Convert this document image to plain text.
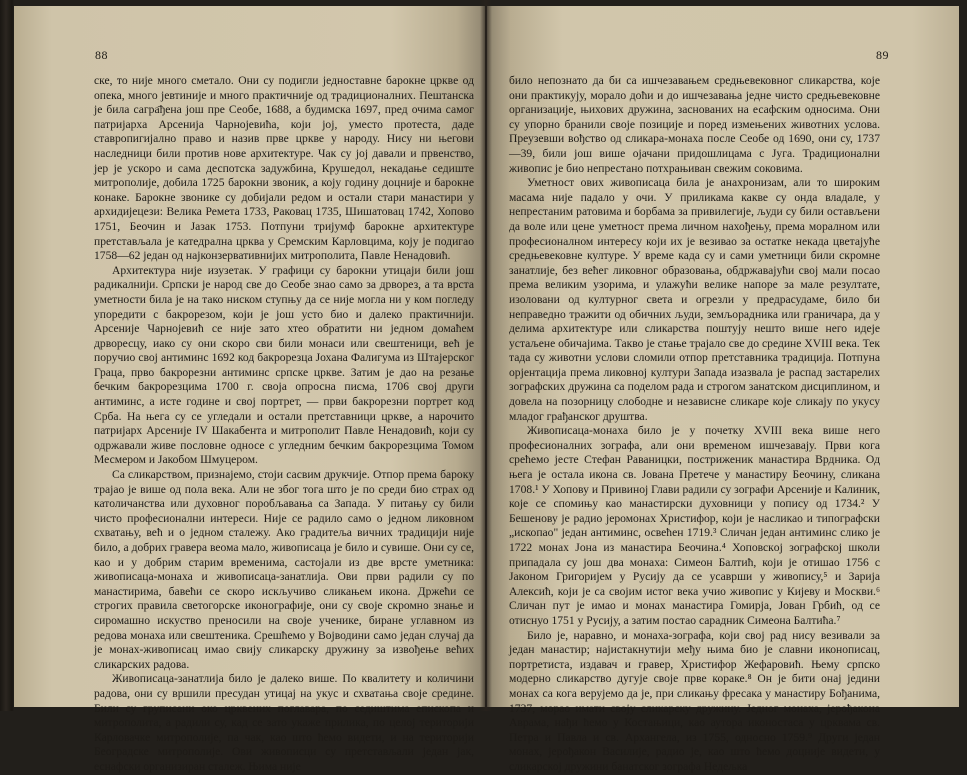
88

ске, то није много сметало. Они су подигли једноставне барокне цркве од опека, много јевтиније и много практичније од традиционалних. Пештанска је била сагра̄ђена још пре Сеобе, 1688, а будимска 1697, пред очима самог патријарха Арсенија Чарнојевића, који јој, уместо протеста, даде ставропигијално право и назив прве цркве у народу. Нису ни његови наследници били против нове архитектуре. Чак су јој давали и првенство, јер је ускоро и сама деспотска задужбина, Крушедол, некадање седиште митрополије, добила 1725 барокни звоник, а коју годину доцније и барокне конаке. Барокне звонике су добијали редом и остали стари манастири у архидијецези: Велика Ремета 1733, Раковац 1735, Шишатовац 1742, Хопово 1751, Беочин и Јазак 1753. Потпуни тријумф барокне архитектуре претстављала је катедрална црква у Сремским Карловцима, коју је подигао 1758—62 један од најконзервативнијих митрополита, Павле Ненадовић.

Архитектура није изузетак. У графици су барокни утицаји били још радикалнији. Српски је народ све до Сеобе знао само за дрворез, а та врста уметности била је на тако ниском ступњу да се није могла ни у ком погледу упоредити с бакрорезом, који је још усто био и далеко практичнији. Арсеније Чарнојевић се није зато хтео обратити ни једном домаћем дрворесцу, иако су они скоро сви били монаси или свештеници, већ је поручио свој антиминс 1692 код бакрорезца Јохана Фалигума из Штајерског Граца, прво бакрорезни антиминс српске цркве. Затим је дао на резање бечким бакрорезцима 1700 г. своја опросна писма, 1706 свој други антиминс, а исте године и свој портрет, — први бакрорезни портрет код Срба. На њега су се угледали и остали претставници цркве, а нарочито патријарх Арсеније IV Шакабента и митрополит Павле Ненадовић, који су одржавали живе пословне односе с угледним бечким бакрорезцима Томом Месмером и Јакобом Шмуцером.

Са сликарством, признајемо, стоји сасвим друкчије. Отпор према бароку трајао је више од пола века. Али не због тога што је по среди био страх од католичанства или духовног поробљавања са Запада. У питању су били чисто професионални интереси. Није се радило само о једном ликовном схватању, већ и о једном сталежу. Ако градитеља вичних традицији није било, а добрих гравера веома мало, живописаца је било и сувише. Они су се, као и у добрим старим временима, састојали из две врсте уметника: живописаца-монаха и живописаца-занатлија. Ови први радили су по манастирима, бавећи се скоро искључиво сликањем икона. Држећи се строгих правила светогорске иконографије, они су своје скромно знање и сиромашно искуство преносили на своје ученике, биране углавном из редова монаха или свештеника. Срешћемо у Војводини само један случај да је монах-живописац имао свију сликарску дружину за извођење већих сликарских радова.

Живописаца-занатлија било је далеко више. По квалитету и количини радова, они су вршили пресудан утицај на укус и схватања своје средине. Били су груписани око црквених поглавара, по седиштима епископа и митрополита, а радили су, кад се зато укаже прилика, по целој територији Карловачке митрополије, па чак, као што ћемо видети, и на територији Београдске митрополије. Ови живописци су претстављали један јак, еснафски организиран сталеж. Њима није

89

било непознато да би са ишчезавањем средњевековног сликарства, које они практикују, морало доћи и до ишчезавања једне чисто средњевековне организације, њихових дружина, заснованих на есафским односима. Они су упорно бранили своје позиције и поред измењених животних услова. Преузевши вођство од сликара-монаха после Сеобе од 1690, они су, 1737—39, били још више ојачани придошлицама с Југа. Традиционални живопис је био непрестано потхрањиван свежим соковима.

Уметност ових живописаца била је анахронизам, али то широким масама није падало у очи. У приликама какве су онда владале, у непрестаним ратовима и борбама за привилегије, људи су били остављени да воле или цене уметност према личном нахођењу, према моралном или професионалном интересу који их је везивао за остатке некада цветајуће средњевековне културе. У време када су и сами уметници били скромне занатлије, без већег ликовног образовања, обдржавајући свој мали посао према великим узорима, и улажући велике напоре за мале резултате, изоловани од културног света и огрезли у предрасудаме, било би неправедно тражити од обичних људи, земљорадника или граничара, да у делима архитектуре или сликарства поштују нешто више него идеје устаљене обичајима. Такво је стање трајало све до средине XVIII века. Тек тада су животни услови сломили отпор претставника традиција. Потпуна орјентација према ликовној култури Запада изазвала је распад застарелих зографских дружина са поделом рада и строгом занатском дисциплином, и довела на позорницу слободне и независне сликаре које сликају по укусу младог грађанског друштва.

Живописаца-монаха било је у почетку XVIII века више него професионалних зографа, али они временом ишчезавају. Први кога срећемо јесте Стефан Раваницки, постриженик манастира Врдника. Од њега је остала икона св. Јована Претече у манастиру Беочину, сликана 1708.¹ У Хопову и Привиној Глави радили су зографи Арсеније и Калиник, које се спомињу као манастирски духовници у попису од 1734.² У Бешенову је радио јеромонах Христифор, који је насликао и типографски „ископао" један антиминс, освећен 1719.³ Сличан један антиминс слико је 1722 монах Јона из манастира Беочина.⁴ Хоповскoј зографској школи припадала су још два монаха: Симеон Балтић, који је отишао 1756 с Јаконом Григоријем у Русију да се усаврши у живопису,⁵ и Зарија Алексић, који је са својим истог века учио живопис у Кијеву и Москви.⁶ Сличан пут је имао и монах манастира Гомирја, Јован Грбић, од се отиснуо 1751 у Русију, а затим постао сарадник Симеона Балтића.⁷

Било је, наравно, и монаха-зографа, који свој рад нису везивали за један манастир; најистакнутији међу њима био је славни иконописац, портретиста, издавач и гравер, Христифор Жефаровић. Њему српско модерно сликарство дугује своје прве кораке.⁸ Он је бити онај једини монах са кога верујемо да је, при сликању фресака у манастиру Бођанима, 1737, морао имати своју сликарску дружину. Једног монаха, јерођакона Аврама, нађи ћемо у Костањици, као аутора иконостаса у црквама св. Петра и Павла и св. Архангела, из 1755, односно 1759.⁹ Други један монах, јерођакон Василије, радио је, као што ћемо доцније видети, у сликарској дружини банатског зографа Недељка
